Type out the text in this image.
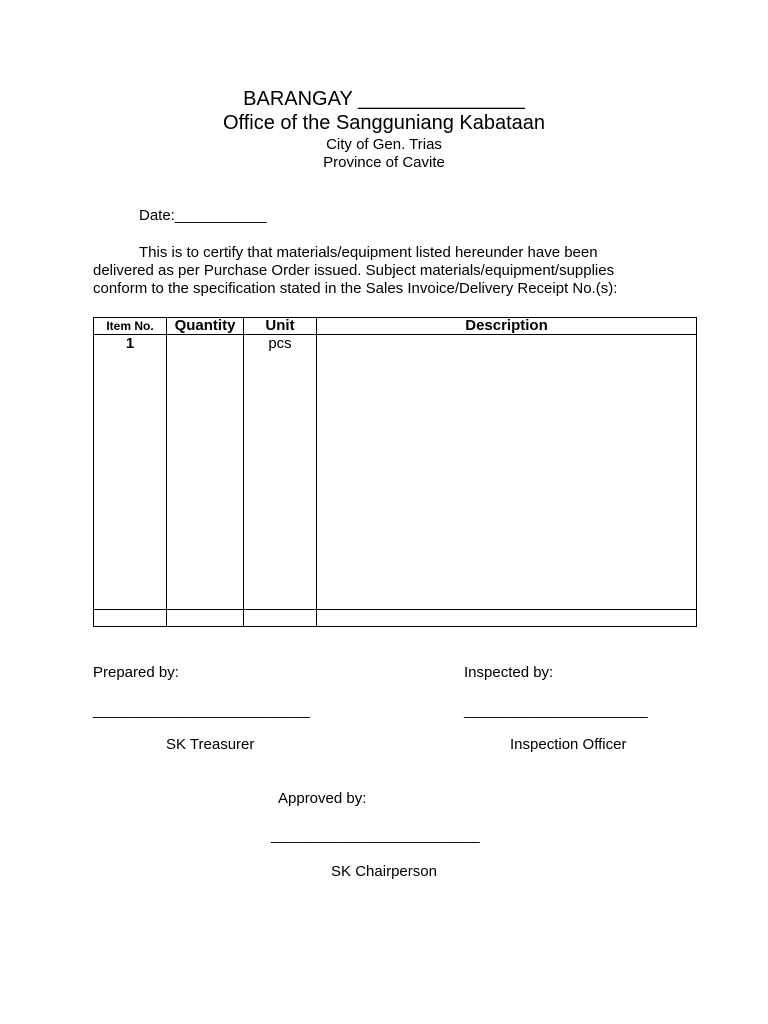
BARANGAY _______________
Office of the Sangguniang Kabataan
City of Gen. Trias
Province of Cavite
Date:___________
This is to certify that materials/equipment listed hereunder have been
delivered as per Purchase Order issued. Subject materials/equipment/supplies
conform to the specification stated in the Sales Invoice/Delivery Receipt No.(s):
Item No.	Quantity	Unit	Description
1		pcs	

Prepared by:
__________________________
SK Treasurer
Inspected by:
______________________
Inspection Officer
Approved by:
_________________________
SK Chairperson
